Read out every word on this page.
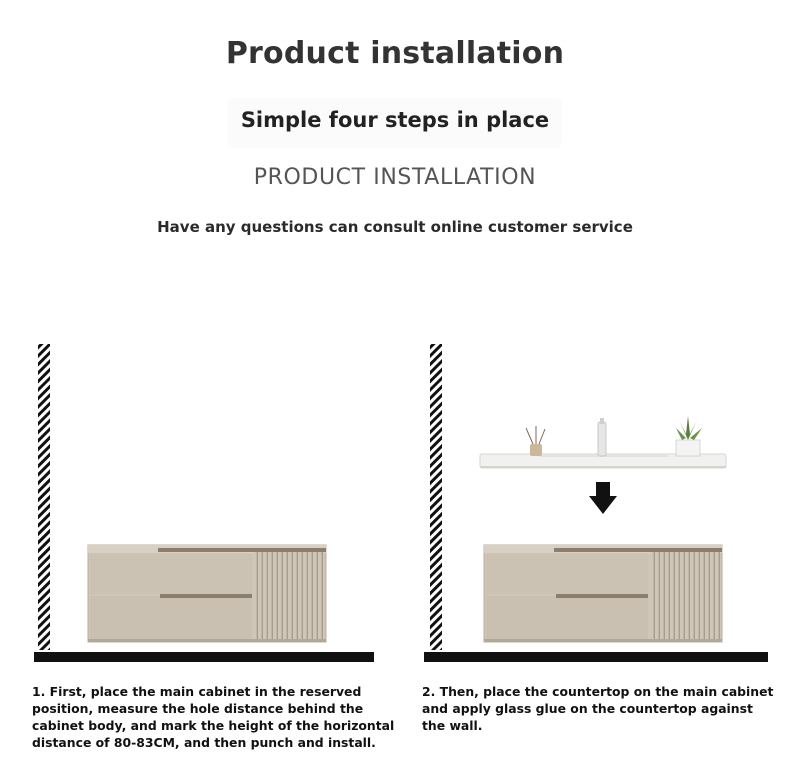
Product installation
Simple four steps in place
PRODUCT INSTALLATION
Have any questions can consult online customer service
1. First, place the main cabinet in the reserved position, measure the hole distance behind the cabinet body, and mark the height of the horizontal distance of 80-83CM, and then punch and install.
2. Then, place the countertop on the main cabinet and apply glass glue on the countertop against the wall.
